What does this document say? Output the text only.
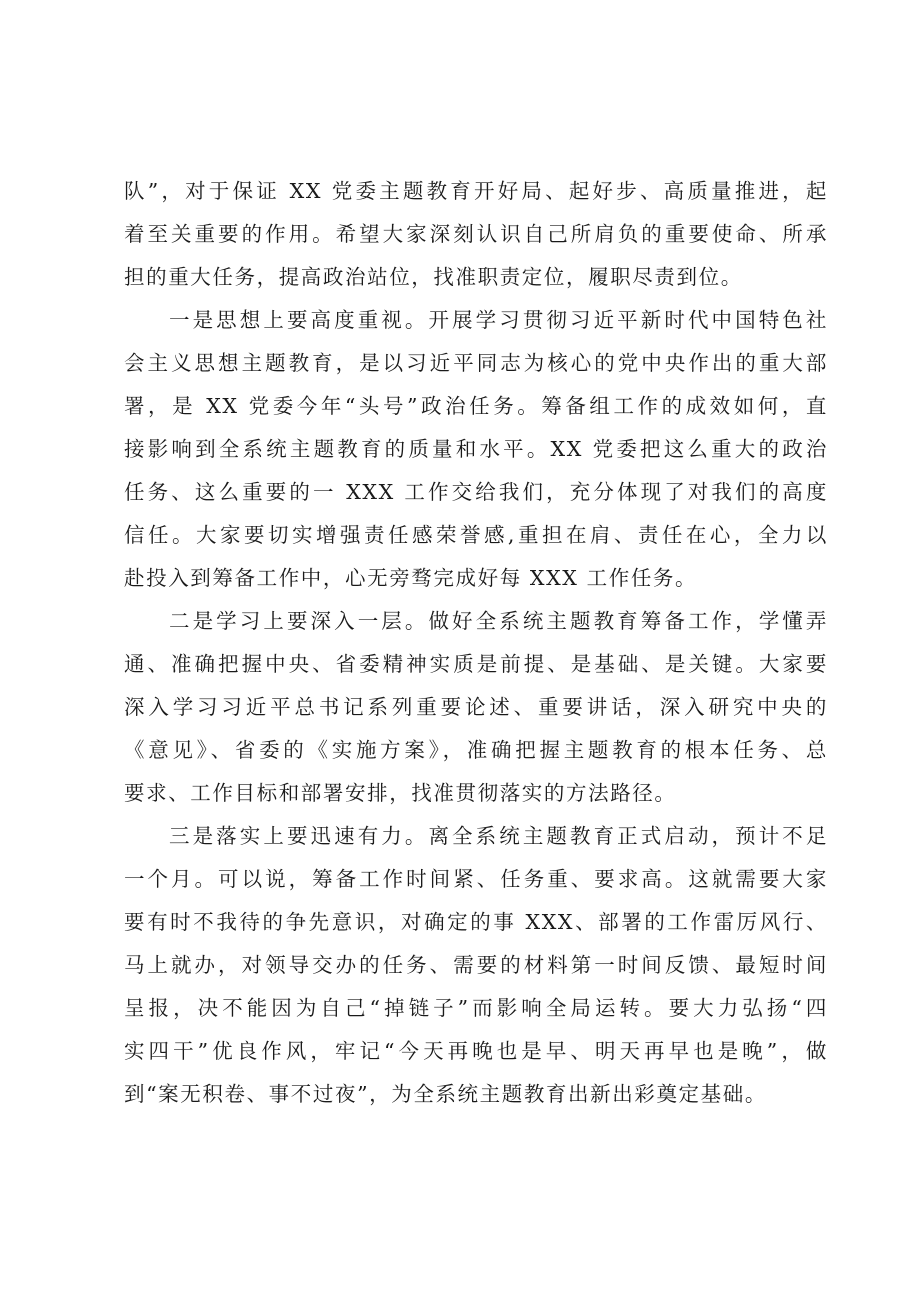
队”，对于保证 XX 党委主题教育开好局、起好步、高质量推进，起
着至关重要的作用。希望大家深刻认识自己所肩负的重要使命、所承
担的重大任务，提高政治站位，找准职责定位，履职尽责到位。
一是思想上要高度重视。开展学习贯彻习近平新时代中国特色社
会主义思想主题教育，是以习近平同志为核心的党中央作出的重大部
署，是 XX 党委今年“头号”政治任务。筹备组工作的成效如何，直
接影响到全系统主题教育的质量和水平。XX 党委把这么重大的政治
任务、这么重要的一 XXX 工作交给我们，充分体现了对我们的高度
信任。大家要切实增强责任感荣誉感,重担在肩、责任在心，全力以
赴投入到筹备工作中，心无旁骛完成好每 XXX 工作任务。
二是学习上要深入一层。做好全系统主题教育筹备工作，学懂弄
通、准确把握中央、省委精神实质是前提、是基础、是关键。大家要
深入学习习近平总书记系列重要论述、重要讲话，深入研究中央的
《意见》、省委的《实施方案》，准确把握主题教育的根本任务、总
要求、工作目标和部署安排，找准贯彻落实的方法路径。
三是落实上要迅速有力。离全系统主题教育正式启动，预计不足
一个月。可以说，筹备工作时间紧、任务重、要求高。这就需要大家
要有时不我待的争先意识，对确定的事 XXX、部署的工作雷厉风行、
马上就办，对领导交办的任务、需要的材料第一时间反馈、最短时间
呈报，决不能因为自己“掉链子”而影响全局运转。要大力弘扬“四
实四干”优良作风，牢记“今天再晚也是早、明天再早也是晚”，做
到“案无积卷、事不过夜”，为全系统主题教育出新出彩奠定基础。
